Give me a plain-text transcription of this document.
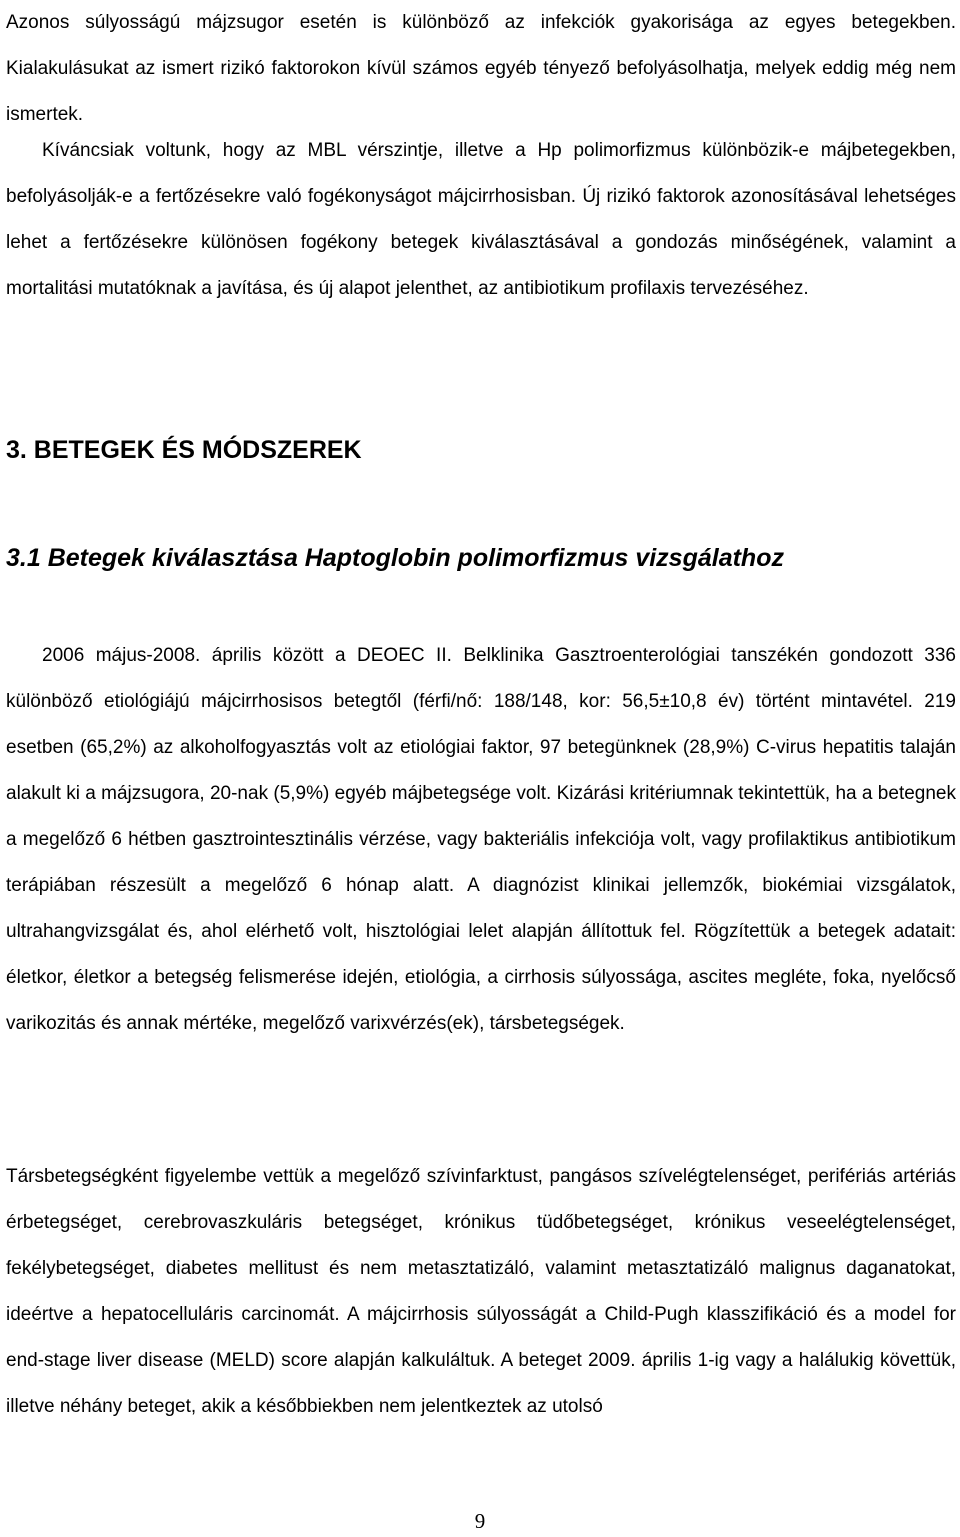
Azonos súlyosságú májzsugor esetén is különböző az infekciók gyakorisága az egyes betegekben. Kialakulásukat az ismert rizikó faktorokon kívül számos egyéb tényező befolyásolhatja, melyek eddig még nem ismertek.

Kíváncsiak voltunk, hogy az MBL vérszintje, illetve a Hp polimorfizmus különbözik-e májbetegekben, befolyásolják-e a fertőzésekre való fogékonyságot májcirrhosisban. Új rizikó faktorok azonosításával lehetséges lehet a fertőzésekre különösen fogékony betegek kiválasztásával a gondozás minőségének, valamint a mortalitási mutatóknak a javítása, és új alapot jelenthet, az antibiotikum profilaxis tervezéséhez.

3. BETEGEK ÉS MÓDSZEREK
3.1 Betegek kiválasztása Haptoglobin polimorfizmus vizsgálathoz

2006 május-2008. április között a DEOEC II. Belklinika Gasztroenterológiai tanszékén gondozott 336 különböző etiológiájú májcirrhosisos betegtől (férfi/nő: 188/148, kor: 56,5±10,8 év) történt mintavétel. 219 esetben (65,2%) az alkoholfogyasztás volt az etiológiai faktor, 97 betegünknek (28,9%) C-virus hepatitis talaján alakult ki a májzsugora, 20-nak (5,9%) egyéb májbetegsége volt. Kizárási kritériumnak tekintettük, ha a betegnek a megelőző 6 hétben gasztrointesztinális vérzése, vagy bakteriális infekciója volt, vagy profilaktikus antibiotikum terápiában részesült a megelőző 6 hónap alatt. A diagnózist klinikai jellemzők, biokémiai vizsgálatok, ultrahangvizsgálat és, ahol elérhető volt, hisztológiai lelet alapján állítottuk fel. Rögzítettük a betegek adatait: életkor, életkor a betegség felismerése idején, etiológia, a cirrhosis súlyossága, ascites megléte, foka, nyelőcső varikozitás és annak mértéke, megelőző varixvérzés(ek), társbetegségek.

Társbetegségként figyelembe vettük a megelőző szívinfarktust, pangásos szívelégtelenséget, perifériás artériás érbetegséget, cerebrovaszkuláris betegséget, krónikus tüdőbetegséget, krónikus veseelégtelenséget, fekélybetegséget, diabetes mellitust és nem metasztatizáló, valamint metasztatizáló malignus daganatokat, ideértve a hepatocelluláris carcinomát. A májcirrhosis súlyosságát a Child-Pugh klasszifikáció és a model for end-stage liver disease (MELD) score alapján kalkuláltuk. A beteget 2009. április 1-ig vagy a halálukig követtük, illetve néhány beteget, akik a későbbiekben nem jelentkeztek az utolsó

9
